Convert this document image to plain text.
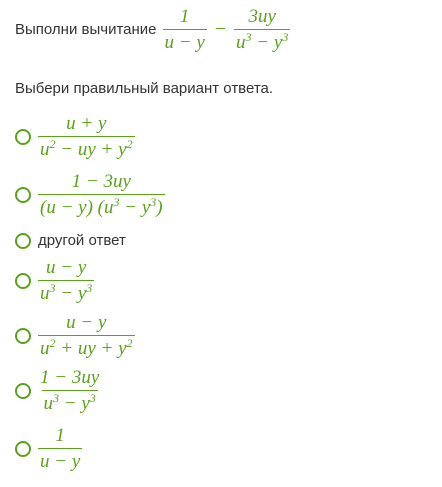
Выполни вычитание $\frac{1}{u - y} - \frac{3uy}{u^3 - y^3}$
Выбери правильный вариант ответа.
$\frac{u + y}{u^2 - uy + y^2}$
$\frac{1 - 3uy}{(u - y) (u^3 - y^3)}$
другой ответ
$\frac{u - y}{u^3 - y^3}$
$\frac{u - y}{u^2 + uy + y^2}$
$\frac{1 - 3uy}{u^3 - y^3}$
$\frac{1}{u - y}$
